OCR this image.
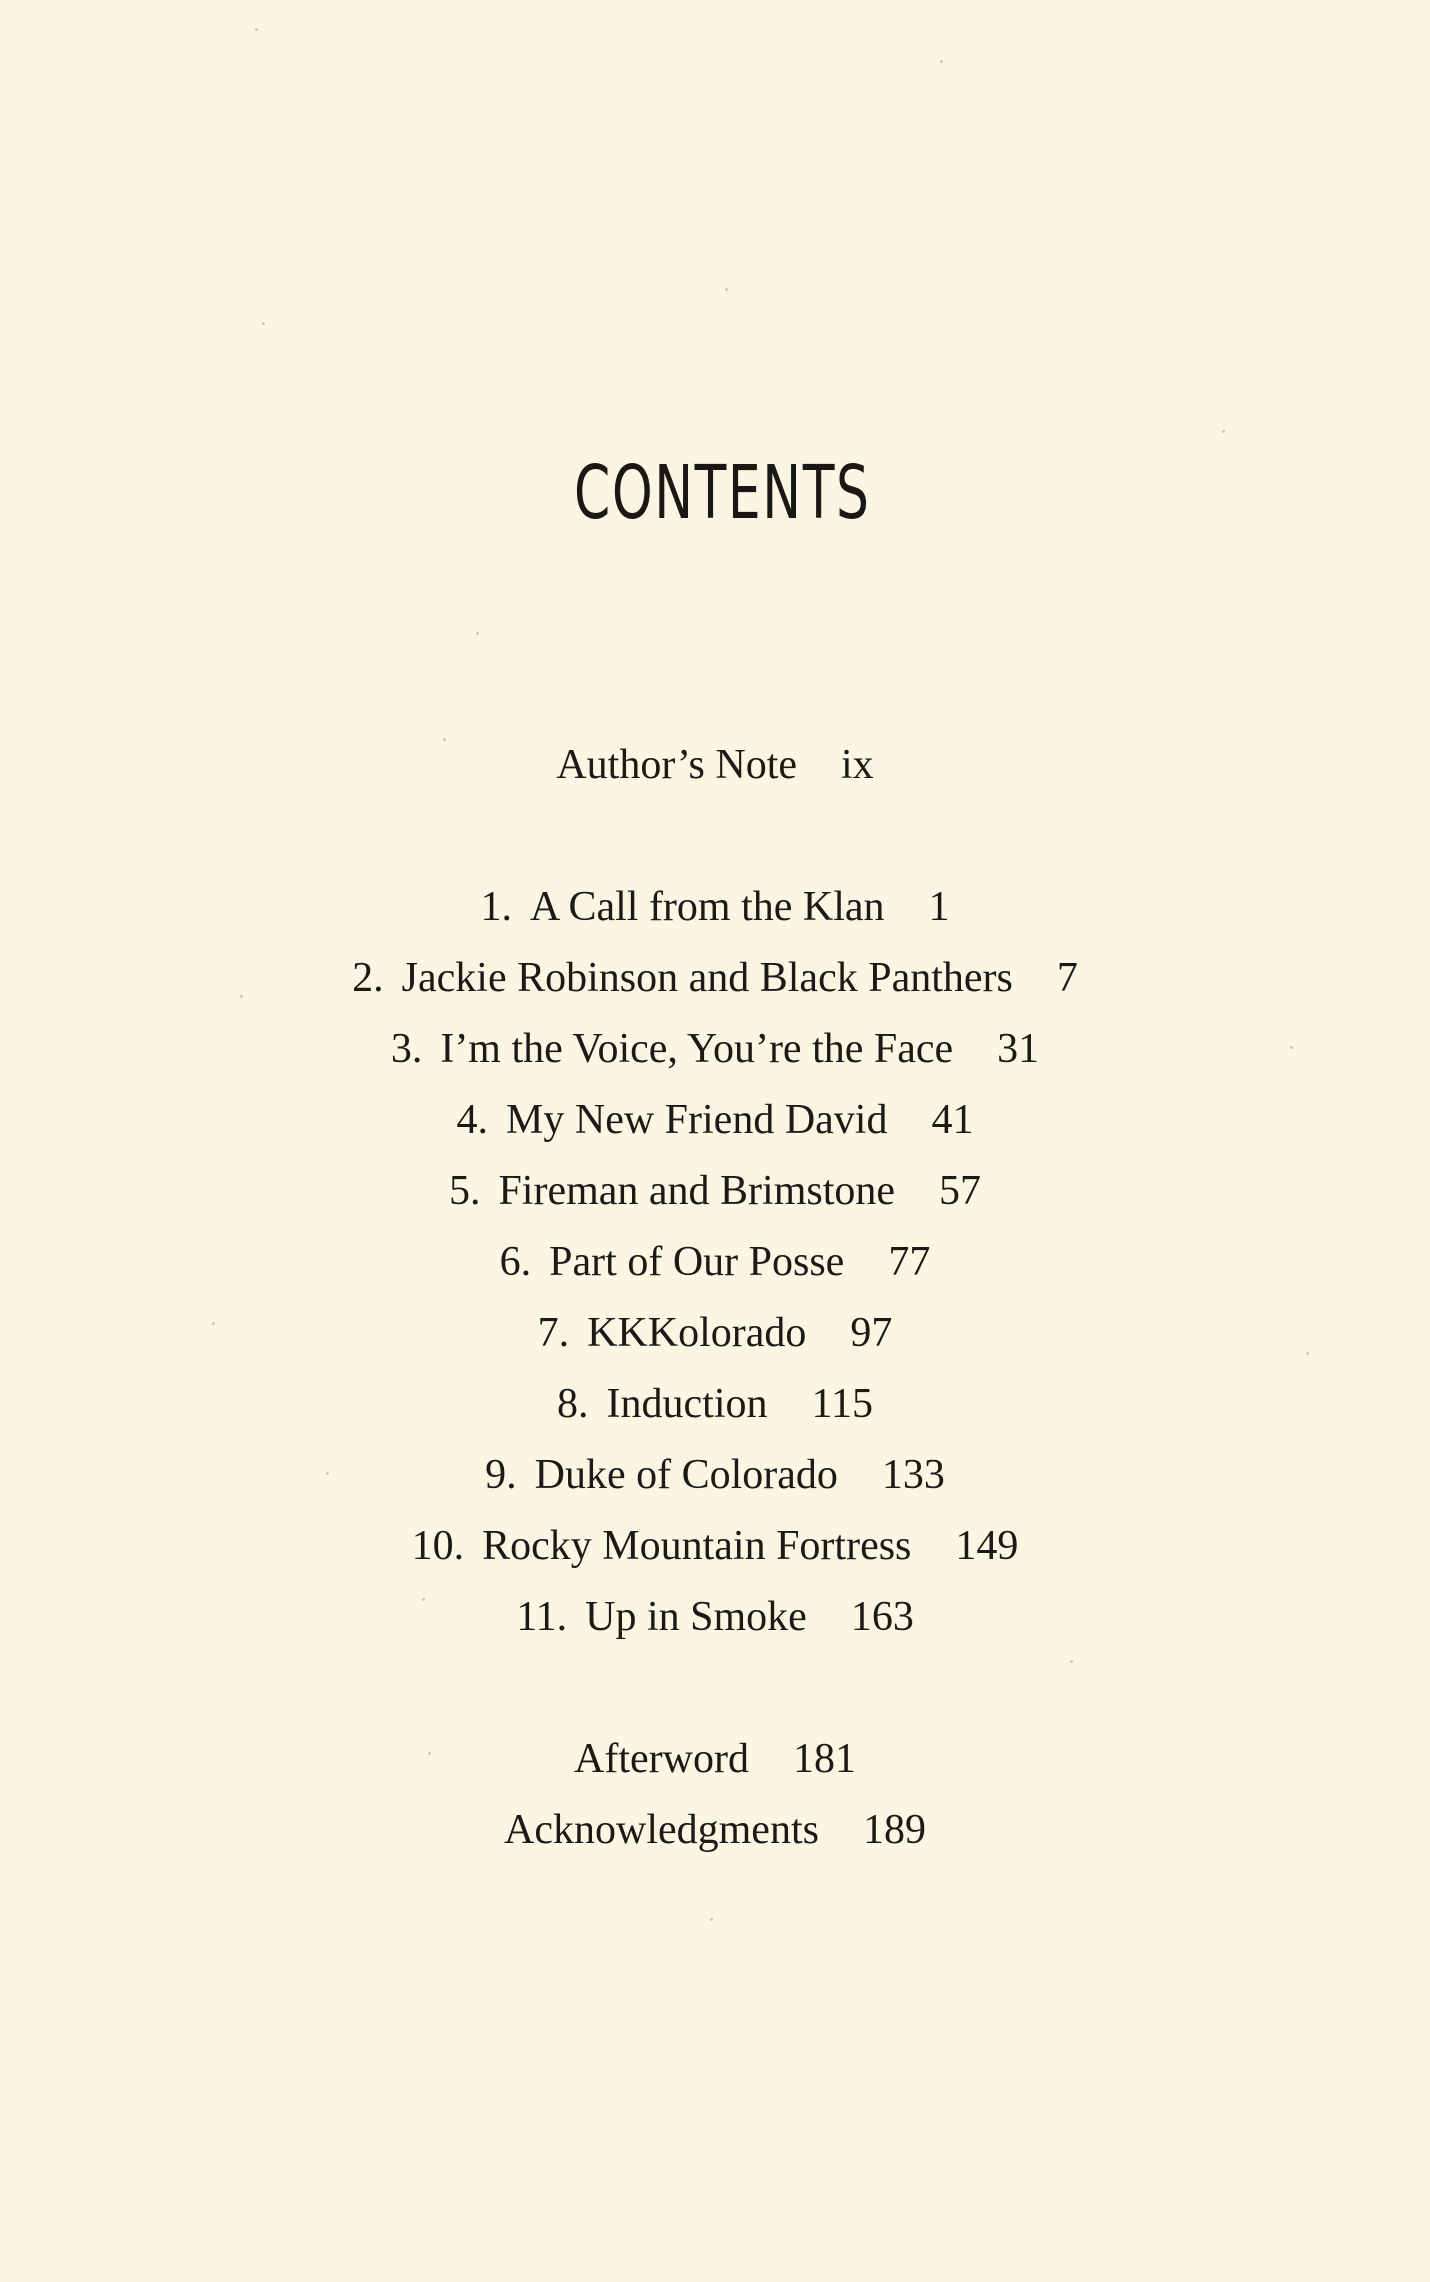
CONTENTS
Author’s Note ix
1. A Call from the Klan 1
2. Jackie Robinson and Black Panthers 7
3. I’m the Voice, You’re the Face 31
4. My New Friend David 41
5. Fireman and Brimstone 57
6. Part of Our Posse 77
7. KKKolorado 97
8. Induction 115
9. Duke of Colorado 133
10. Rocky Mountain Fortress 149
11. Up in Smoke 163
Afterword 181
Acknowledgments 189
